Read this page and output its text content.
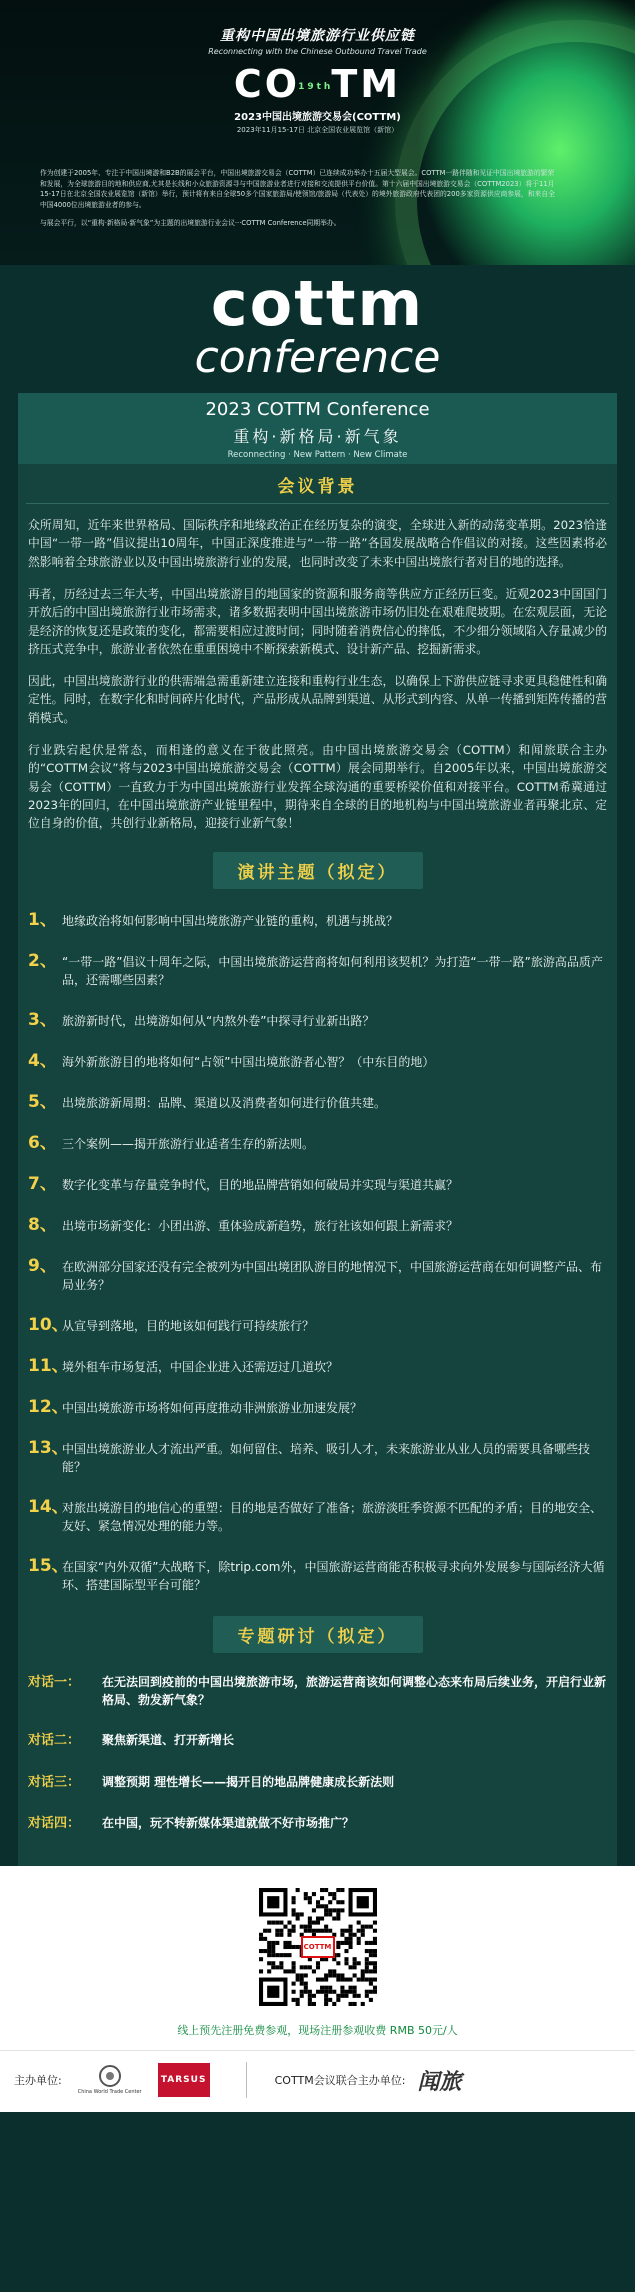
重构中国出境旅游行业供应链
Reconnecting with the Chinese Outbound Travel Trade
CO19thTM
2023中国出境旅游交易会(COTTM)
2023年11月15-17日 北京全国农业展览馆（新馆）

作为创建于2005年、专注于中国出境游和B2B的展会平台，中国出境旅游交易会（COTTM）已连续成功举办十五届大型展会。COTTM一路伴随和见证中国出境旅游的繁荣和发展，为全球旅游目的地和供应商,尤其是长线和小众旅游资源寻与中国旅游业者进行对接和交流提供平台价值。第十六届中国出境旅游交易会（COTTM2023）将于11月15-17日在北京全国农业展览馆（新馆）举行，预计将有来自全球50多个国家旅游局/使领馆/旅游局（代表处）的境外旅游政府代表团的200多家资源供应商参展，和来自全中国4000位出境旅游业者的参与。

与展会平行，以“重构·新格局·新气象”为主题的出境旅游行业会议···COTTM Conference同期举办。

cottm
conference
2023 COTTM Conference
重构·新格局·新气象
Reconnecting · New Pattern · New Climate
会议背景

众所周知，近年来世界格局、国际秩序和地缘政治正在经历复杂的演变，全球进入新的动荡变革期。2023恰逢中国“一带一路”倡议提出10周年，中国正深度推进与“一带一路”各国发展战略合作倡议的对接。这些因素将必然影响着全球旅游业以及中国出境旅游行业的发展，也同时改变了未来中国出境旅行者对目的地的选择。

再者，历经过去三年大考，中国出境旅游目的地国家的资源和服务商等供应方正经历巨变。近观2023中国国门开放后的中国出境旅游行业市场需求，诸多数据表明中国出境旅游市场仍旧处在艰难爬坡期。在宏观层面，无论是经济的恢复还是政策的变化，都需要相应过渡时间；同时随着消费信心的摔低，不少细分领域陷入存量减少的挤压式竞争中，旅游业者依然在重重困境中不断探索新模式、设计新产品、挖掘新需求。

因此，中国出境旅游行业的供需端急需重新建立连接和重构行业生态，以确保上下游供应链寻求更具稳健性和确定性。同时，在数字化和时间碎片化时代，产品形成从品牌到渠道、从形式到内容、从单一传播到矩阵传播的营销模式。

行业跌宕起伏是常态，而相逢的意义在于彼此照亮。由中国出境旅游交易会（COTTM）和闻旅联合主办的“COTTM会议”将与2023中国出境旅游交易会（COTTM）展会同期举行。自2005年以来，中国出境旅游交易会（COTTM）一直致力于为中国出境旅游行业发挥全球沟通的重要桥梁价值和对接平台。COTTM希冀通过2023年的回归，在中国出境旅游产业链里程中，期待来自全球的目的地机构与中国出境旅游业者再聚北京、定位自身的价值，共创行业新格局，迎接行业新气象！

演讲主题（拟定）
1、 地缘政治将如何影响中国出境旅游产业链的重构，机遇与挑战？
2、 “一带一路”倡议十周年之际，中国出境旅游运营商将如何利用该契机？为打造“一带一路”旅游高品质产品，还需哪些因素？
3、 旅游新时代，出境游如何从“内熬外卷”中探寻行业新出路？
4、 海外新旅游目的地将如何“占领”中国出境旅游者心智？（中东目的地）
5、 出境旅游新周期：品牌、渠道以及消费者如何进行价值共建。
6、 三个案例——揭开旅游行业适者生存的新法则。
7、 数字化变革与存量竞争时代，目的地品牌营销如何破局并实现与渠道共赢？
8、 出境市场新变化：小团出游、重体验成新趋势，旅行社该如何跟上新需求？
9、 在欧洲部分国家还没有完全被列为中国出境团队游目的地情况下，中国旅游运营商在如何调整产品、布局业务？
10、
从宣导到落地，目的地该如何践行可持续旅行？
11、
境外租车市场复活，中国企业进入还需迈过几道坎？
12、
中国出境旅游市场将如何再度推动非洲旅游业加速发展？
13、
中国出境旅游业人才流出严重。如何留住、培养、吸引人才，未来旅游业从业人员的需要具备哪些技能？
14、
对旅出境游目的地信心的重塑：目的地是否做好了准备；旅游淡旺季资源不匹配的矛盾；目的地安全、友好、紧急情况处理的能力等。
15、
在国家“内外双循”大战略下，除trip.com外，中国旅游运营商能否积极寻求向外发展参与国际经济大循环、搭建国际型平台可能？
专题研讨（拟定）
对话一：	在无法回到疫前的中国出境旅游市场，旅游运营商该如何调整心态来布局后续业务，开启行业新格局、勃发新气象？
对话二：	聚焦新渠道、打开新增长
对话三：	调整预期 理性增长——揭开目的地品牌健康成长新法则
对话四：	在中国，玩不转新媒体渠道就做不好市场推广？
COTTM
线上预先注册免费参观，现场注册参观收费 RMB 50元/人
主办单位:
China World Trade Center
TARSUS	COTTM会议联合主办单位: 闻旅
